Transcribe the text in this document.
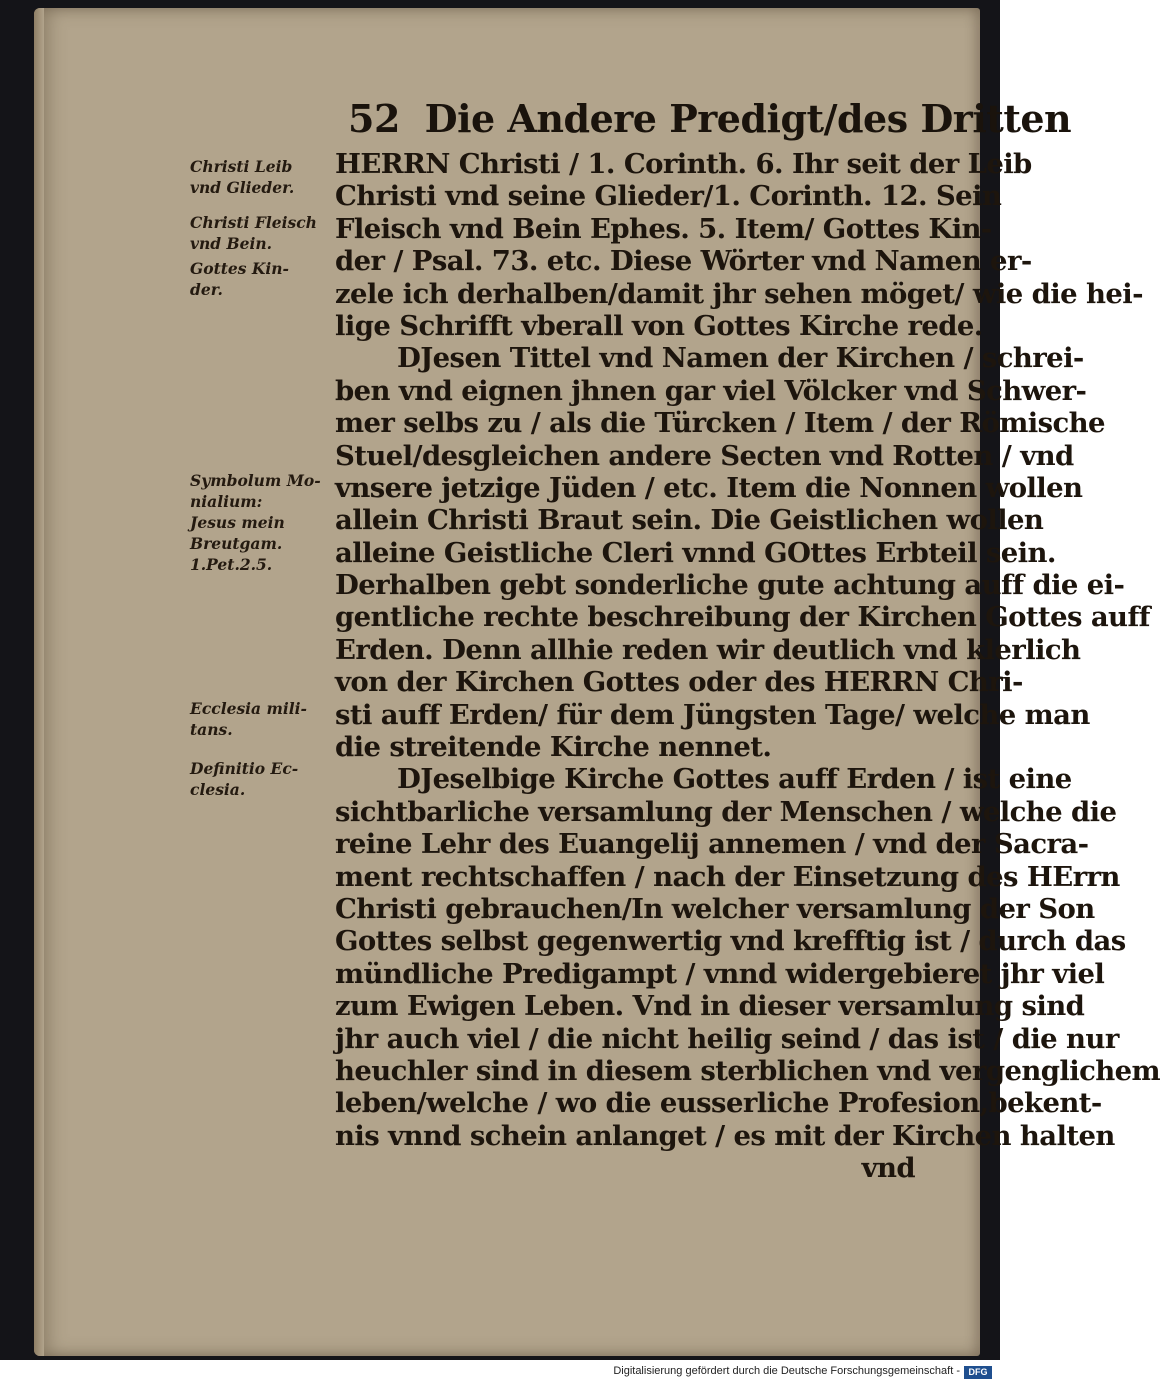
52 Die Andere Predigt/des Dritten
HERRN Christi / 1. Corinth. 6. Ihr seit der Leib
Christi vnd seine Glieder/1. Corinth. 12. Sein
Fleisch vnd Bein Ephes. 5. Item/ Gottes Kin-
der / Psal. 73. etc. Diese Wörter vnd Namen er-
zele ich derhalben/damit jhr sehen möget/ wie die hei-
lige Schrifft vberall von Gottes Kirche rede.
DJesen Tittel vnd Namen der Kirchen / schrei-
ben vnd eignen jhnen gar viel Völcker vnd Schwer-
mer selbs zu / als die Türcken / Item / der Römische
Stuel/desgleichen andere Secten vnd Rotten / vnd
vnsere jetzige Jüden / etc. Item die Nonnen wollen
allein Christi Braut sein. Die Geistlichen wollen
alleine Geistliche Cleri vnnd GOttes Erbteil sein.
Derhalben gebt sonderliche gute achtung auff die ei-
gentliche rechte beschreibung der Kirchen Gottes auff
Erden. Denn allhie reden wir deutlich vnd klerlich
von der Kirchen Gottes oder des HERRN Chri-
sti auff Erden/ für dem Jüngsten Tage/ welche man
die streitende Kirche nennet.
DJeselbige Kirche Gottes auff Erden / ist eine
sichtbarliche versamlung der Menschen / welche die
reine Lehr des Euangelij annemen / vnd der Sacra-
ment rechtschaffen / nach der Einsetzung des HErrn
Christi gebrauchen/In welcher versamlung der Son
Gottes selbst gegenwertig vnd krefftig ist / durch das
mündliche Predigampt / vnnd widergebieret jhr viel
zum Ewigen Leben. Vnd in dieser versamlung sind
jhr auch viel / die nicht heilig seind / das ist / die nur
heuchler sind in diesem sterblichen vnd vergenglichem
leben/welche / wo die eusserliche Profesion,bekent-
nis vnnd schein anlanget / es mit der Kirchen halten
vnd
Christi Leib
vnd Glieder.
Christi Fleisch
vnd Bein.
Gottes Kin-
der.
Symbolum Mo-
nialium:
Jesus mein
Breutgam.
1.Pet.2.5.
Ecclesia mili-
tans.
Definitio Ec-
clesia.
Digitalisierung gefördert durch die Deutsche Forschungsgemeinschaft - DFG
